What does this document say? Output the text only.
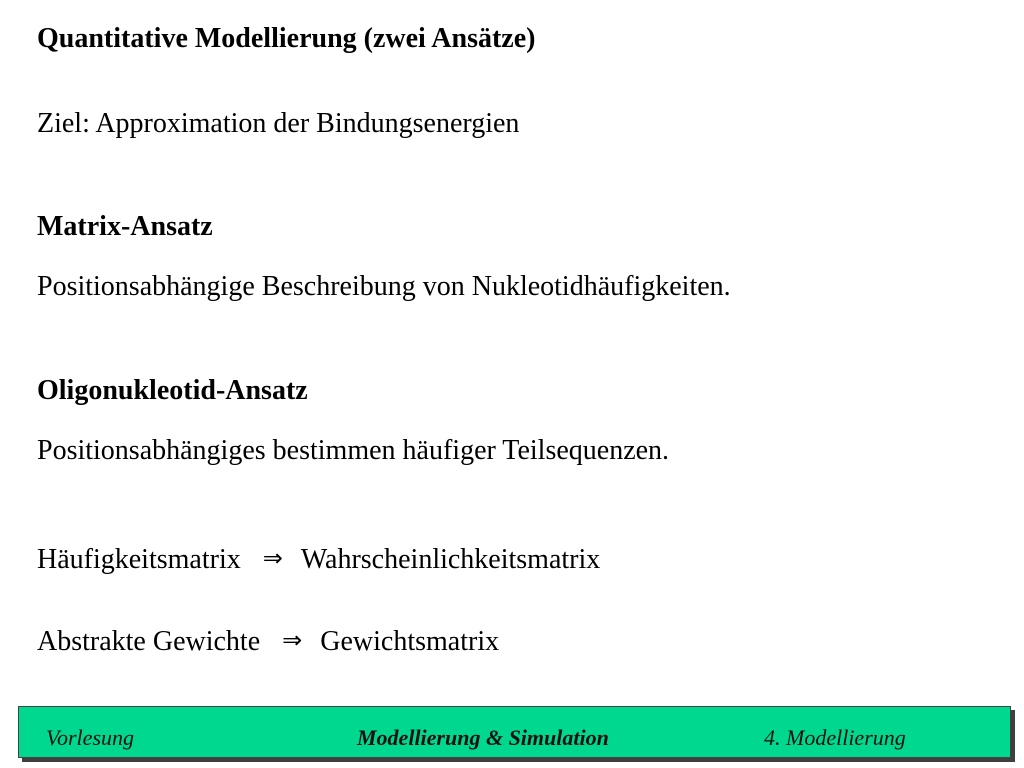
Quantitative Modellierung (zwei Ansätze)
Ziel: Approximation der Bindungsenergien
Matrix-Ansatz
Positionsabhängige Beschreibung von Nukleotidhäufigkeiten.
Oligonukleotid-Ansatz
Positionsabhängiges bestimmen häufiger Teilsequenzen.
Häufigkeitsmatrix ⇒ Wahrscheinlichkeitsmatrix
Abstrakte Gewichte ⇒ Gewichtsmatrix
Vorlesung	Modellierung & Simulation	4. Modellierung
